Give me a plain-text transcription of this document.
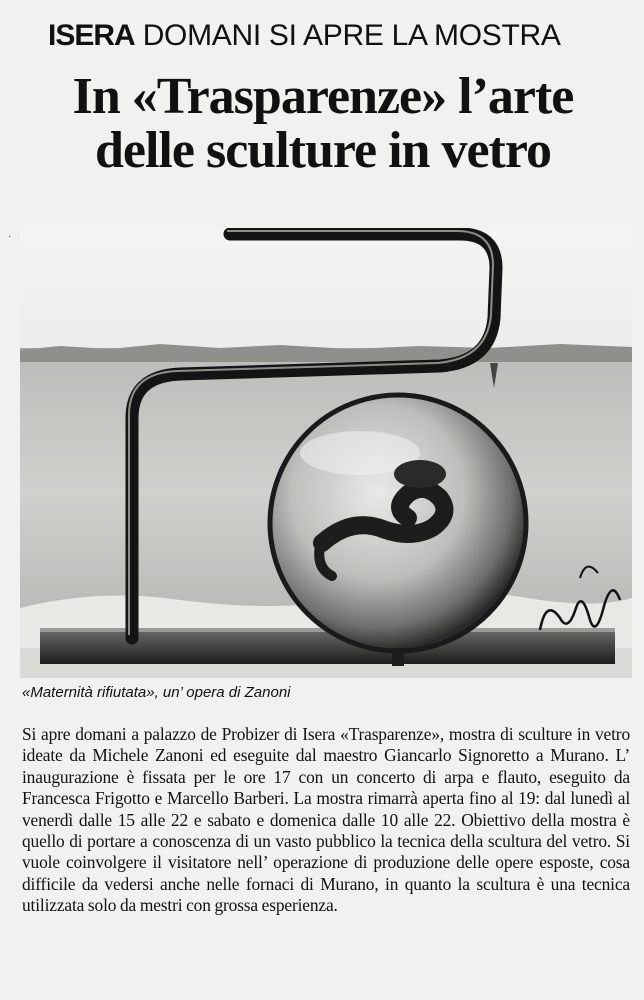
ISERA DOMANI SI APRE LA MOSTRA
In «Trasparenze» l’arte
delle sculture in vetro
·
«Maternità rifiutata», un’ opera di Zanoni
Si apre domani a palazzo de Probizer di Isera «Trasparenze», mostra di sculture in vetro ideate da Michele Zanoni ed eseguite dal maestro Giancarlo Signoretto a Murano. L’ inaugurazione è fissata per le ore 17 con un concerto di arpa e flauto, eseguito da Francesca Frigotto e Marcello Barberi. La mostra rimarrà aperta fino al 19: dal lunedì al venerdì dalle 15 alle 22 e sabato e domenica dalle 10 alle 22. Obiettivo della mostra è quello di portare a conoscenza di un vasto pubblico la tecnica della scultura del vetro. Si vuole coinvolgere il visitatore nell’ operazione di produzione delle opere esposte, cosa difficile da vedersi anche nelle fornaci di Murano, in quanto la scultura è una tecnica utilizzata solo da mestri con grossa esperienza.
